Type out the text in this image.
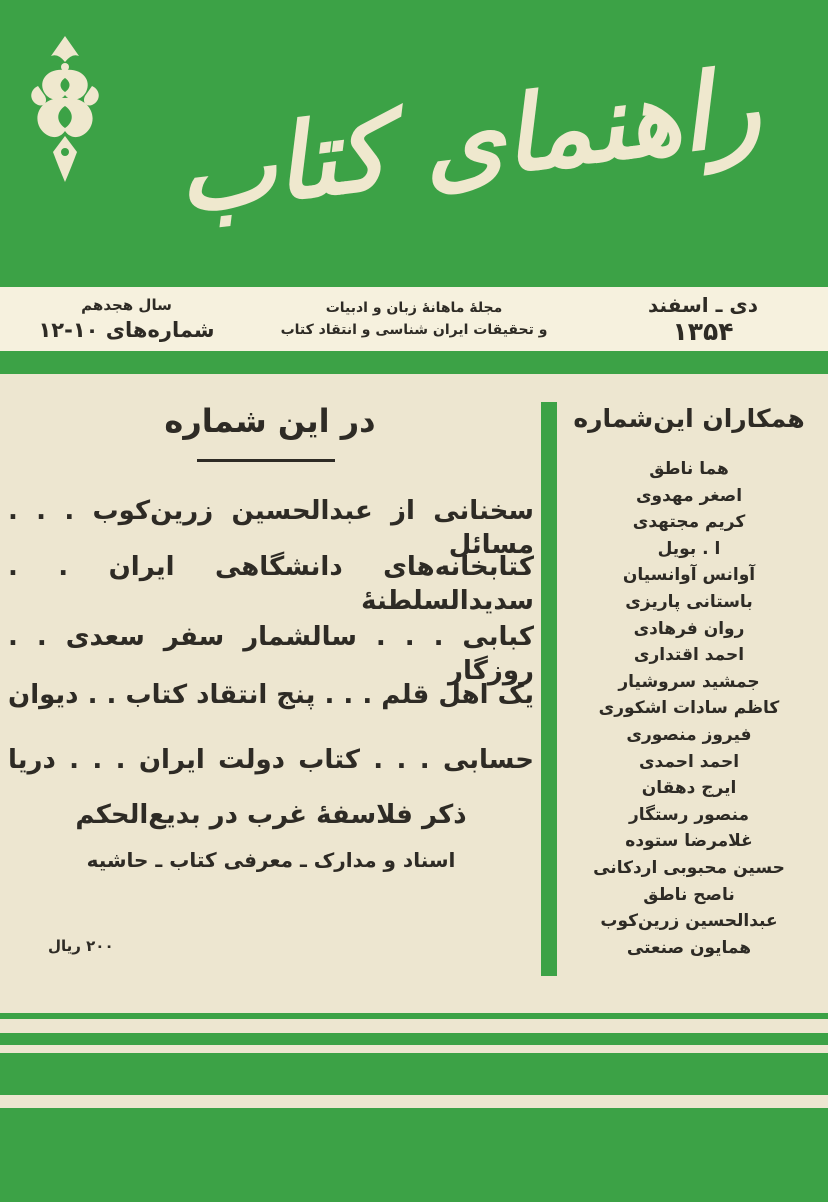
راهنمای کتاب
دی ـ اسفند
۱۳۵۴
مجلهٔ ماهانهٔ زبان و ادبیات
و تحقیقات ایران شناسی و انتقاد کتاب
سال هجدهم
شماره‌های ۱۰-۱۲
در این شماره
سخنانی از عبدالحسین زرین‌کوب . . . مسائل
کتابخانه‌های دانشگاهی ایران . . سدیدالسلطنهٔ
کبابی . . . سالشمار سفر سعدی . . روزگار
یک اهل قلم . . . پنج انتقاد کتاب . . دیوان
حسابی . . . کتاب دولت ایران . . . دریا
ذکر فلاسفهٔ غرب در بدیع‌الحکم
اسناد و مدارک ـ معرفی کتاب ـ حاشیه
همکاران این‌شماره
هما ناطق
اصغر مهدوی
کریم مجتهدی
ا . بویل
آوانس آوانسیان
باستانی پاریزی
روان فرهادی
احمد اقتداری
جمشید سروشیار
کاظم سادات اشکوری
فیروز منصوری
احمد احمدی
ایرج دهقان
منصور رستگار
غلامرضا ستوده
حسین محبوبی اردکانی
ناصح ناطق
عبدالحسین زرین‌کوب
همایون صنعتی
۲۰۰ ریال
